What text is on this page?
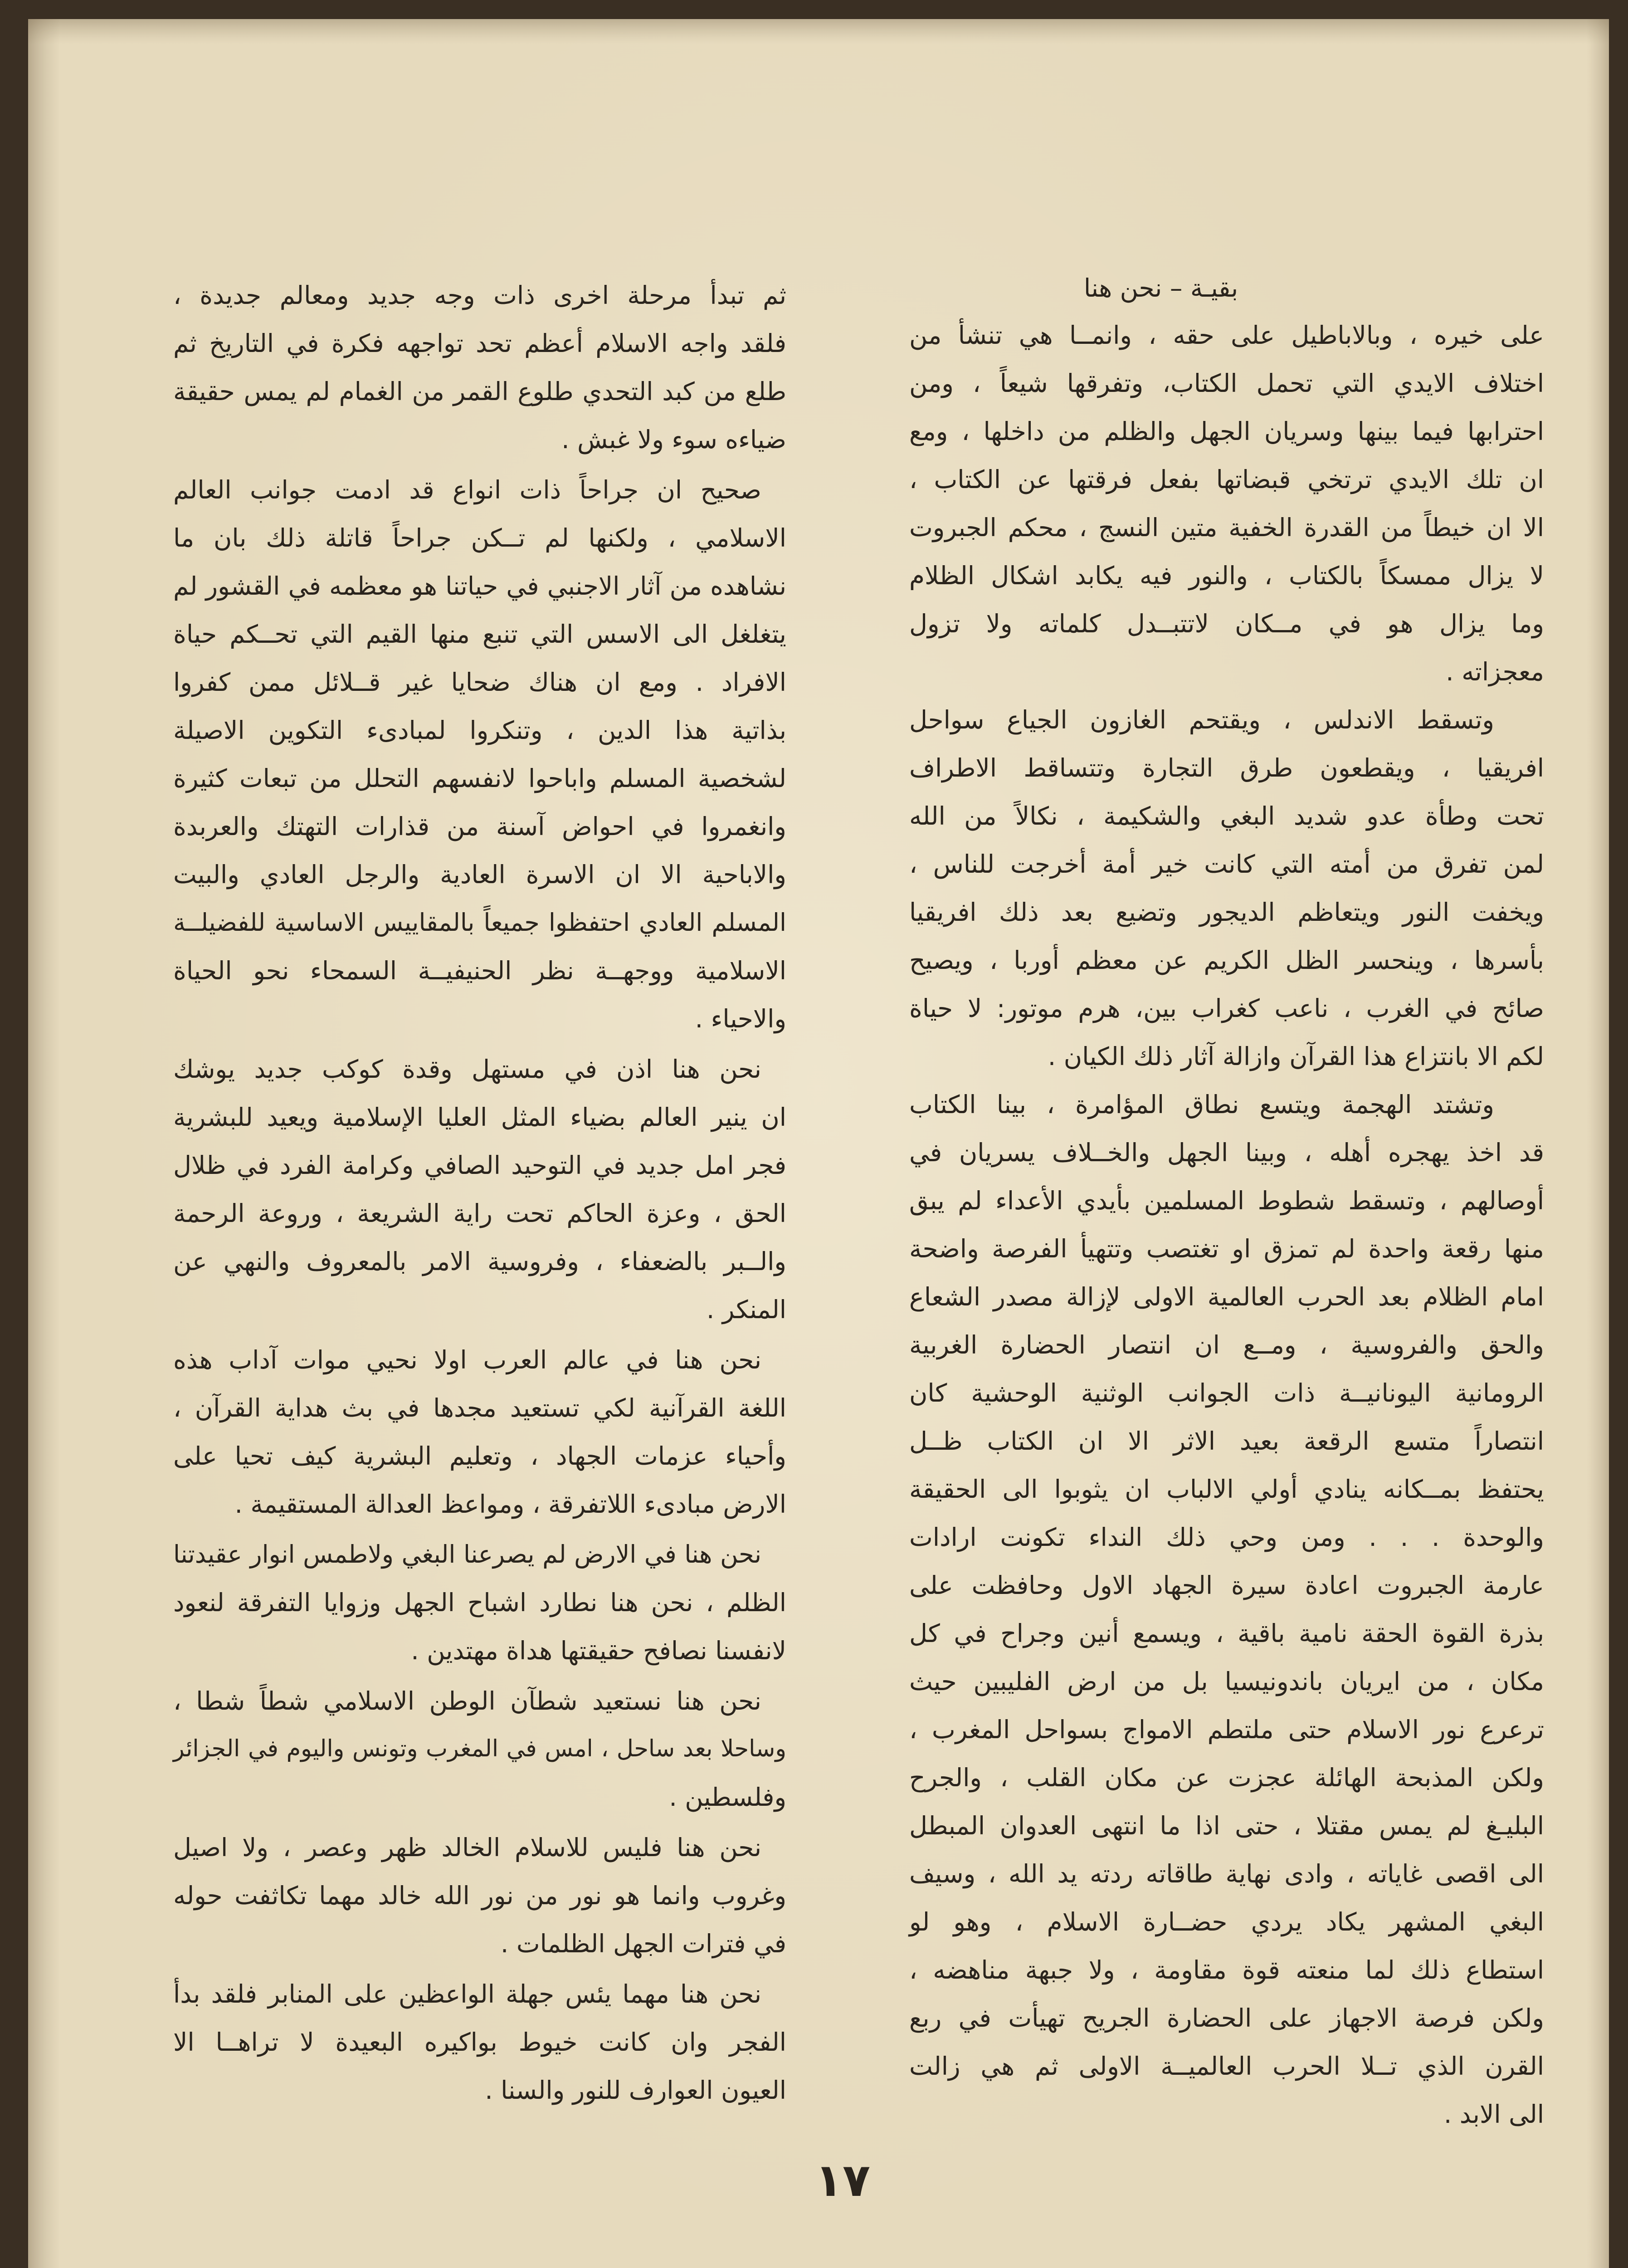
بقيـة – نحن هنا
على خيره ، وبالاباطيل على حقه ، وانمــا هي تنشأ من
اختلاف الايدي التي تحمل الكتاب، وتفرقها شيعاً ، ومن
احترابها فيما بينها وسريان الجهل والظلم من داخلها ، ومع
ان تلك الايدي ترتخي قبضاتها بفعل فرقتها عن الكتاب ،
الا ان خيطاً من القدرة الخفية متين النسج ، محكم الجبروت
لا يزال ممسكاً بالكتاب ، والنور فيه يكابد اشكال الظلام
وما يزال هو في مــكان لاتتبــدل كلماته ولا تزول
معجزاته .
وتسقط الاندلس ، ويقتحم الغازون الجياع سواحل
افريقيا ، ويقطعون طرق التجارة وتتساقط الاطراف
تحت وطأة عدو شديد البغي والشكيمة ، نكالاً من الله
لمن تفرق من أمته التي كانت خير أمة أخرجت للناس ،
ويخفت النور ويتعاظم الديجور وتضيع بعد ذلك افريقيا
بأسرها ، وينحسر الظل الكريم عن معظم أوربا ، ويصيح
صائح في الغرب ، ناعب كغراب بين، هرم موتور: لا حياة
لكم الا بانتزاع هذا القرآن وازالة آثار ذلك الكيان .
وتشتد الهجمة ويتسع نطاق المؤامرة ، بينا الكتاب
قد اخذ يهجره أهله ، وبينا الجهل والخــلاف يسريان في
أوصالهم ، وتسقط شطوط المسلمين بأيدي الأعداء لم يبق
منها رقعة واحدة لم تمزق او تغتصب وتتهيأ الفرصة واضحة
امام الظلام بعد الحرب العالمية الاولى لإزالة مصدر الشعاع
والحق والفروسية ، ومــع ان انتصار الحضارة الغربية
الرومانية اليونانيــة ذات الجوانب الوثنية الوحشية كان
انتصاراً متسع الرقعة بعيد الاثر الا ان الكتاب ظــل
يحتفظ بمــكانه ينادي أولي الالباب ان يثوبوا الى الحقيقة
والوحدة . . . ومن وحي ذلك النداء تكونت ارادات
عارمة الجبروت اعادة سيرة الجهاد الاول وحافظت على
بذرة القوة الحقة نامية باقية ، ويسمع أنين وجراح في كل
مكان ، من ايريان باندونيسيا بل من ارض الفليبين حيث
ترعرع نور الاسلام حتى ملتطم الامواج بسواحل المغرب ،
ولكن المذبحة الهائلة عجزت عن مكان القلب ، والجرح
البليـغ لم يمس مقتلا ، حتى اذا ما انتهى العدوان المبطل
الى اقصى غاياته ، وادى نهاية طاقاته ردته يد الله ، وسيف
البغي المشهر يكاد يردي حضــارة الاسلام ، وهو لو
استطاع ذلك لما منعته قوة مقاومة ، ولا جبهة مناهضه ،
ولكن فرصة الاجهاز على الحضارة الجريح تهيأت في ربع
القرن الذي تــلا الحرب العالميــة الاولى ثم هي زالت
الى الابد .
ثم تبدأ مرحلة اخرى ذات وجه جديد ومعالم جديدة ،
فلقد واجه الاسلام أعظم تحد تواجهه فكرة في التاريخ ثم
طلع من كبد التحدي طلوع القمر من الغمام لم يمس حقيقة
ضياءه سوء ولا غبش .
صحيح ان جراحاً ذات انواع قد ادمت جوانب العالم
الاسلامي ، ولكنها لم تــكن جراحاً قاتلة ذلك بان ما
نشاهده من آثار الاجنبي في حياتنا هو معظمه في القشور لم
يتغلغل الى الاسس التي تنبع منها القيم التي تحــكم حياة
الافراد . ومع ان هناك ضحايا غير قــلائل ممن كفروا
بذاتية هذا الدين ، وتنكروا لمبادىء التكوين الاصيلة
لشخصية المسلم واباحوا لانفسهم التحلل من تبعات كثيرة
وانغمروا في احواض آسنة من قذارات التهتك والعربدة
والاباحية الا ان الاسرة العادية والرجل العادي والبيت
المسلم العادي احتفظوا جميعاً بالمقاييس الاساسية للفضيلــة
الاسلامية ووجهــة نظر الحنيفيــة السمحاء نحو الحياة
والاحياء .
نحن هنا اذن في مستهل وقدة كوكب جديد يوشك
ان ينير العالم بضياء المثل العليا الإسلامية ويعيد للبشرية
فجر امل جديد في التوحيد الصافي وكرامة الفرد في ظلال
الحق ، وعزة الحاكم تحت راية الشريعة ، وروعة الرحمة
والــبر بالضعفاء ، وفروسية الامر بالمعروف والنهي عن
المنكر .
نحن هنا في عالم العرب اولا نحيي موات آداب هذه
اللغة القرآنية لكي تستعيد مجدها في بث هداية القرآن ،
وأحياء عزمات الجهاد ، وتعليم البشرية كيف تحيا على
الارض مبادىء اللاتفرقة ، ومواعظ العدالة المستقيمة .
نحن هنا في الارض لم يصرعنا البغي ولاطمس انوار عقيدتنا
الظلم ، نحن هنا نطارد اشباح الجهل وزوايا التفرقة لنعود
لانفسنا نصافح حقيقتها هداة مهتدين .
نحن هنا نستعيد شطآن الوطن الاسلامي شطاً شطا ،
وساحلا بعد ساحل ، امس في المغرب وتونس واليوم في الجزائر
وفلسطين .
نحن هنا فليس للاسلام الخالد ظهر وعصر ، ولا اصيل
وغروب وانما هو نور من نور الله خالد مهما تكاثفت حوله
في فترات الجهل الظلمات .
نحن هنا مهما يئس جهلة الواعظين على المنابر فلقد بدأ
الفجر وان كانت خيوط بواكيره البعيدة لا تراهــا الا
العيون العوارف للنور والسنا .
١٧
